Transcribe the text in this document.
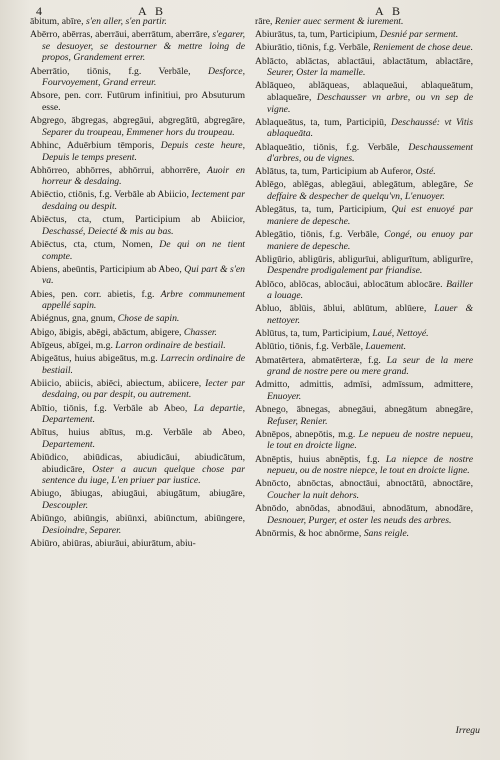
4	A B	A B

ābitum, abīre, s'en aller, s'en partir.

Abērro, abērras, aberrāui, aberrātum, aberrāre, s'egarer, se desuoyer, se destourner & mettre loing de propos, Grandement errer.

Aberrātio, tiōnis, f.g. Verbāle, Desforce, Fourvoyement, Grand erreur.

Absore, pen. corr. Futūrum infinitiui, pro Absuturum esse.

Abgrego, ābgregas, abgregāui, abgregātū, abgregāre, Separer du troupeau, Emmener hors du troupeau.

Abhinc, Aduērbium tēmporis, Depuis ceste heure, Depuis le temps present.

Abhōrreo, abhōrres, abhōrrui, abhorrēre, Auoir en horreur & desdaing.

Abiēctio, ctiōnis, f.g. Verbāle ab Abiicio, Iectement par desdaing ou despit.

Abiēctus, cta, ctum, Participium ab Abiicior, Deschassé, Deiecté & mis au bas.

Abiēctus, cta, ctum, Nomen, De qui on ne tient compte.

Abiens, abeūntis, Participium ab Abeo, Qui part & s'en va.

Abies, pen. corr. abietis, f.g. Arbre communement appellé sapin.

Abiégnus, gna, gnum, Chose de sapin.

Abigo, ābigis, abēgi, abāctum, abigere, Chasser.

Abīgeus, abīgei, m.g. Larron ordinaire de bestiail.

Abigeātus, huius abigeātus, m.g. Larrecin ordinaire de bestiail.

Abiicio, abiicis, abiēci, abiectum, abiicere, Iecter par desdaing, ou par despit, ou autrement.

Abītio, tiōnis, f.g. Verbāle ab Abeo, La departie, Departement.

Abītus, huius abītus, m.g. Verbāle ab Abeo, Departement.

Abiūdico, abiūdicas, abiudicāui, abiudicātum, abiudicāre, Oster a aucun quelque chose par sentence du iuge, L'en priuer par iustice.

Abiugo, ābiugas, abiugāui, abiugātum, abiugāre, Descoupler.

Abiūngo, abiūngis, abiūnxi, abiūnctum, abiūngere, Desioindre, Separer.

Abiūro, abiūras, abiurāui, abiurātum, abiu-

rāre, Renier auec serment & iurement.

Abiurātus, ta, tum, Participium, Desnié par serment.

Abiurātio, tiōnis, f.g. Verbāle, Reniement de chose deue.

Ablācto, ablāctas, ablactāui, ablactātum, ablactāre, Seurer, Oster la mamelle.

Ablāqueo, ablāqueas, ablaqueāui, ablaqueātum, ablaqueāre, Deschausser vn arbre, ou vn sep de vigne.

Ablaqueātus, ta, tum, Participiū, Deschaussé: vt Vitis ablaqueāta.

Ablaqueātio, tiōnis, f.g. Verbāle, Deschaussement d'arbres, ou de vignes.

Ablātus, ta, tum, Participium ab Auferor, Osté.

Ablēgo, ablēgas, ablegāui, ablegātum, ablegāre, Se deffaire & despecher de quelqu'vn, L'enuoyer.

Ablegātus, ta, tum, Participium, Qui est enuoyé par maniere de depesche.

Ablegātio, tiōnis, f.g. Verbāle, Congé, ou enuoy par maniere de depesche.

Abligūrio, abligūris, abligurīui, abligurītum, abligurīre, Despendre prodigalement par friandise.

Ablōco, ablōcas, ablocāui, ablocātum ablocāre. Bailler a louage.

Abluo, āblūis, āblui, ablūtum, ablūere, Lauer & nettoyer.

Ablūtus, ta, tum, Participium, Laué, Nettoyé.

Ablūtio, tiōnis, f.g. Verbāle, Lauement.

Abmatērtera, abmatērteræ, f.g. La seur de la mere grand de nostre pere ou mere grand.

Admitto, admittis, admīsi, admīssum, admittere, Enuoyer.

Abnego, ābnegas, abnegāui, abnegātum abnegāre, Refuser, Renier.

Abnēpos, abnepōtis, m.g. Le nepueu de nostre nepueu, le tout en droicte ligne.

Abnēptis, huius abnēptis, f.g. La niepce de nostre nepueu, ou de nostre niepce, le tout en droicte ligne.

Abnōcto, abnōctas, abnoctāui, abnoctātū, abnoctāre, Coucher la nuit dehors.

Abnōdo, abnōdas, abnodāui, abnodātum, abnodāre, Desnouer, Purger, et oster les neuds des arbres.

Abnōrmis, & hoc abnōrme, Sans reigle.

Irregu
